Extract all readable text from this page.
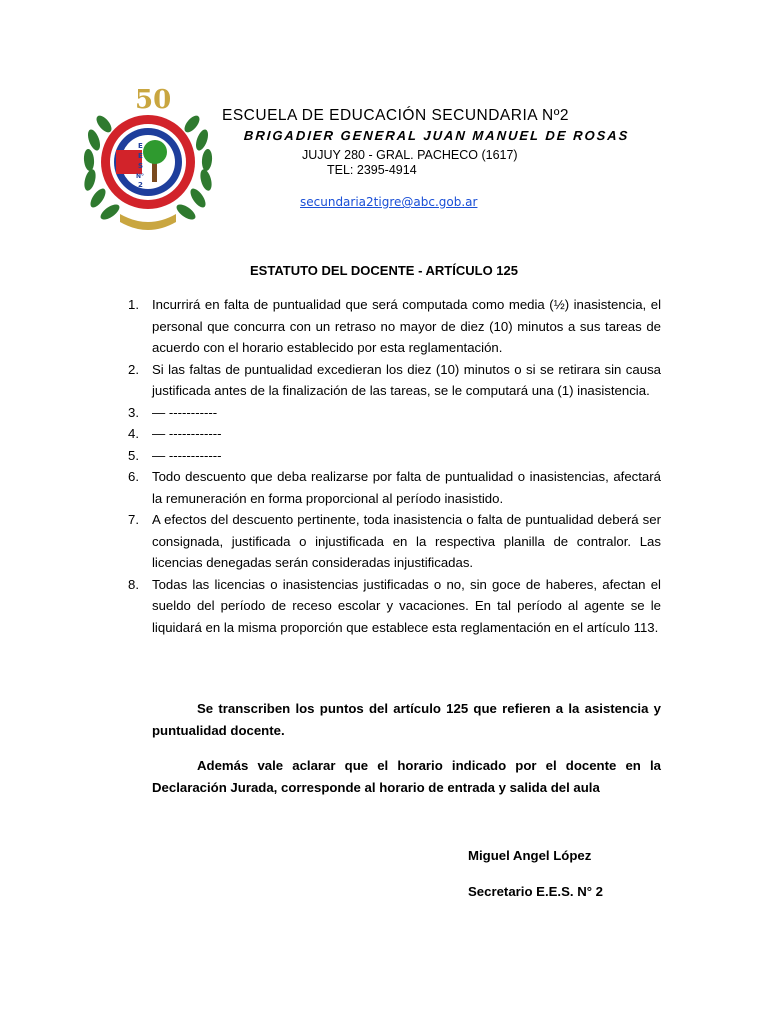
E
E
S
N°
2
50
ESCUELA DE EDUCACIÓN SECUNDARIA Nº2
BRIGADIER GENERAL JUAN MANUEL DE ROSAS
JUJUY 280 - GRAL. PACHECO (1617)
TEL: 2395-4914
secundaria2tigre@abc.gob.ar
ESTATUTO DEL DOCENTE - ARTÍCULO 125
1. Incurrirá en falta de puntualidad que será computada como media (½) inasistencia, el personal que concurra con un retraso no mayor de diez (10) minutos a sus tareas de acuerdo con el horario establecido por esta reglamentación.
2. Si las faltas de puntualidad excedieran los diez (10) minutos o si se retirara sin causa justificada antes de la finalización de las tareas, se le computará una (1) inasistencia.
3. — -----------
4. — ------------
5. — ------------
6. Todo descuento que deba realizarse por falta de puntualidad o inasistencias, afectará la remuneración en forma proporcional al período inasistido.
7. A efectos del descuento pertinente, toda inasistencia o falta de puntualidad deberá ser consignada, justificada o injustificada en la respectiva planilla de contralor. Las licencias denegadas serán consideradas injustificadas.
8. Todas las licencias o inasistencias justificadas o no, sin goce de haberes, afectan el sueldo del período de receso escolar y vacaciones. En tal período al agente se le liquidará en la misma proporción que establece esta reglamentación en el artículo 113.

Se transcriben los puntos del artículo 125 que refieren a la asistencia y puntualidad docente.

Además vale aclarar que el horario indicado por el docente en la Declaración Jurada, corresponde al horario de entrada y salida del aula

Miguel Angel López
Secretario E.E.S. N° 2
